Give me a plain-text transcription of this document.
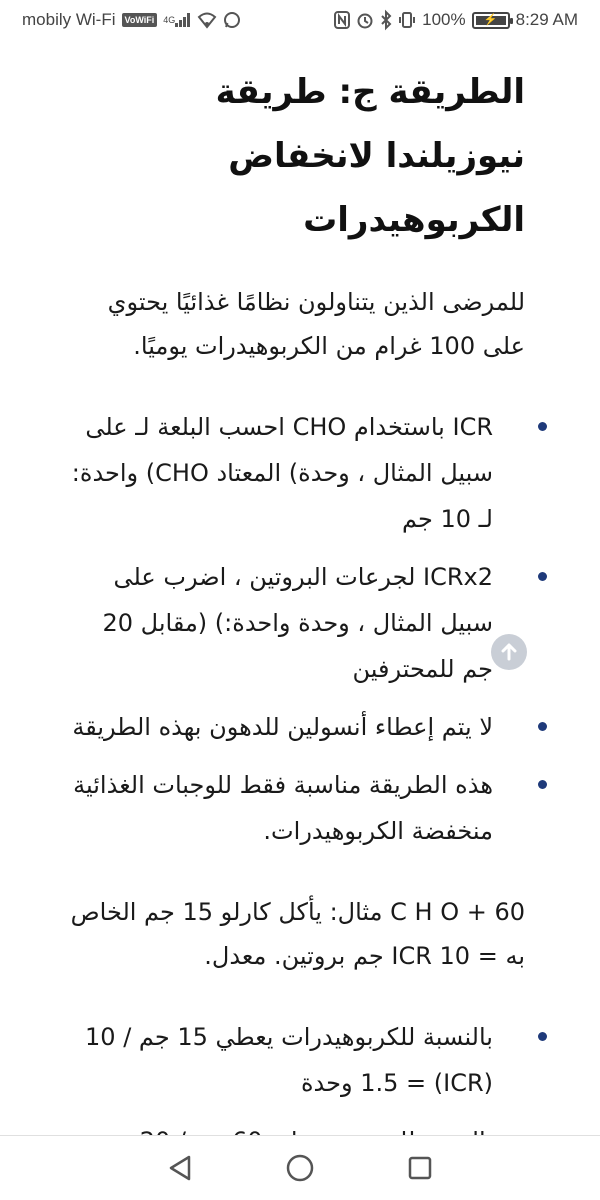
mobily Wi-Fi	VoWiFi	4G	100% ⚡ 8:29 AM
الطريقة ج: طريقة نيوزيلندا لانخفاض الكربوهيدرات

للمرضى الذين يتناولون نظامًا غذائيًا يحتوي على 100 غرام من الكربوهيدرات يوميًا.

ICR باستخدام CHO احسب البلعة لـ على سبيل المثال ، وحدة) المعتاد CHO) واحدة: لـ 10 جم
ICRx2 لجرعات البروتين ، اضرب على سبيل المثال ، وحدة واحدة:) (مقابل 20 جم للمحترفين
لا يتم إعطاء أنسولين للدهون بهذه الطريقة
هذه الطريقة مناسبة فقط للوجبات الغذائية منخفضة الكربوهيدرات.

C H O + 60 مثال: يأكل كارلو 15 جم الخاص به = ICR 10 جم بروتين. معدل.

بالنسبة للكربوهيدرات يعطي 15 جم / 10 (ICR) = 1.5 وحدة
